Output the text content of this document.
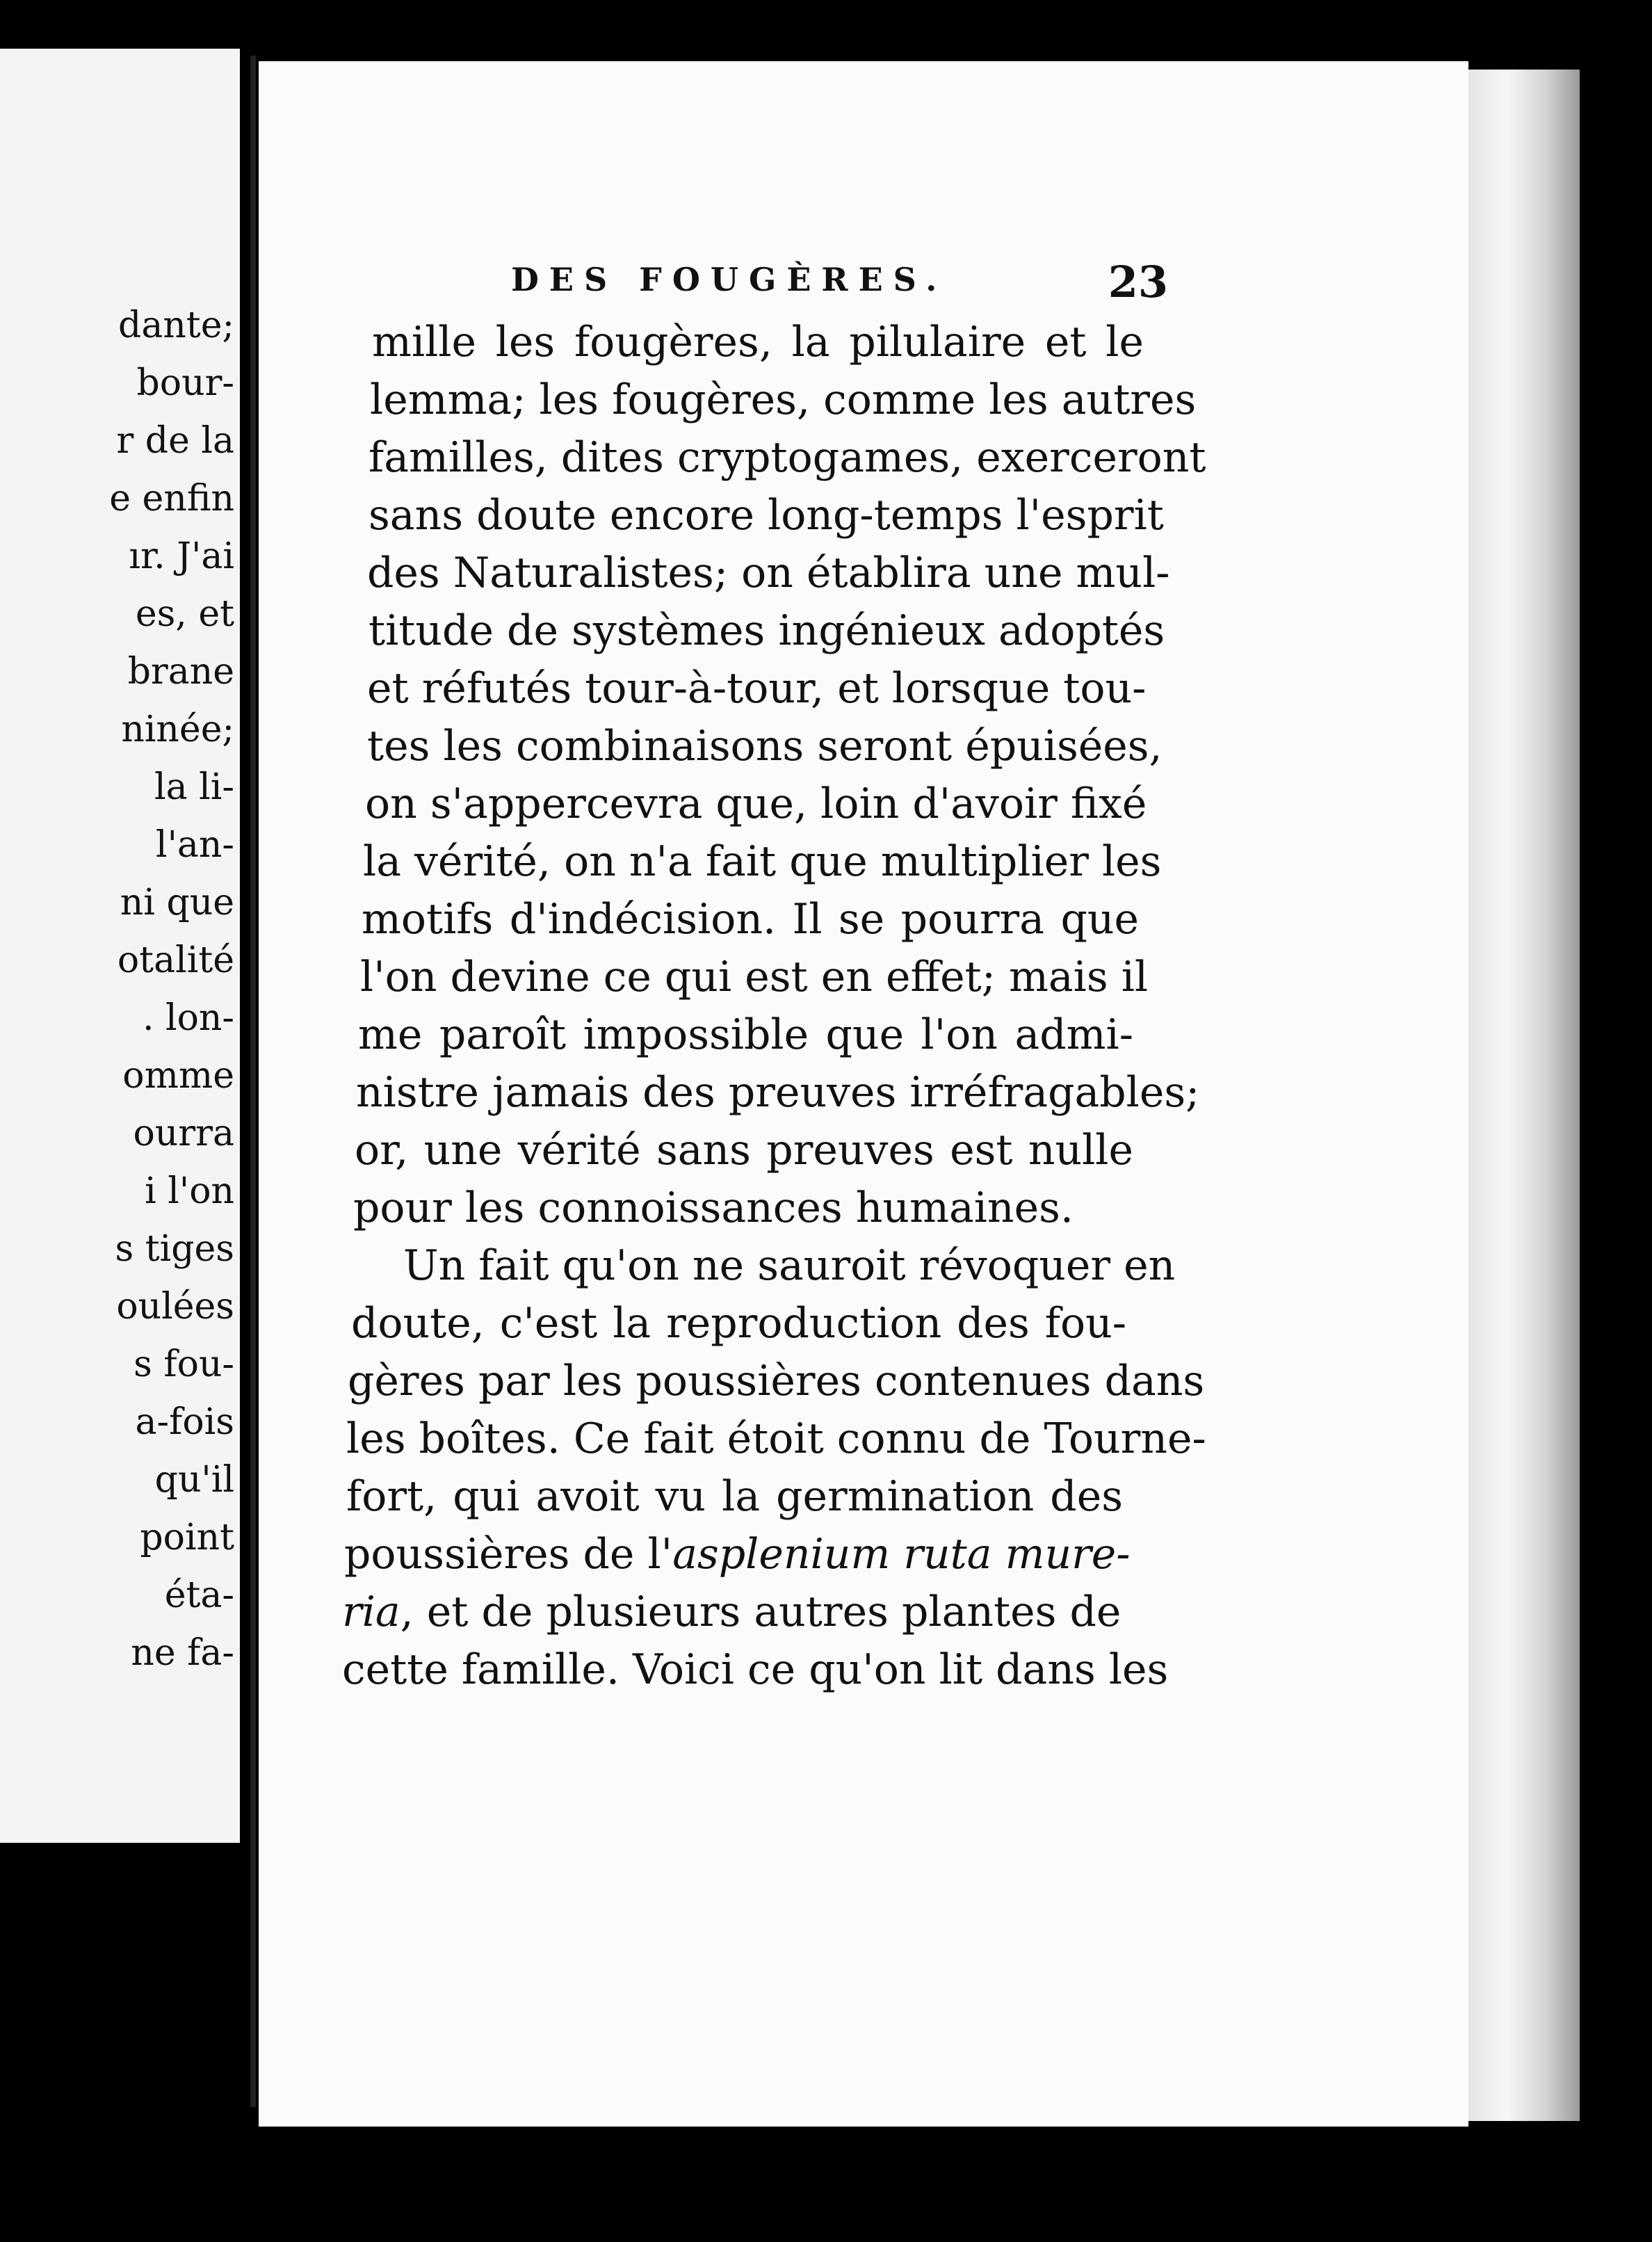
dante;
bour-
r de la
e enfin
ır. J'ai
es, et
brane
ninée;
la li-
l'an-
ni que
otalité
. lon-
omme
ourra
i l'on
s tiges
oulées
s fou-
a-fois
qu'il
point
éta-
ne fa-
DES FOUGÈRES.	23
mille les fougères, la pilulaire et le
lemma; les fougères, comme les autres
familles, dites cryptogames, exerceront
sans doute encore long-temps l'esprit
des Naturalistes; on établira une mul-
titude de systèmes ingénieux adoptés
et réfutés tour-à-tour, et lorsque tou-
tes les combinaisons seront épuisées,
on s'appercevra que, loin d'avoir fixé
la vérité, on n'a fait que multiplier les
motifs d'indécision. Il se pourra que
l'on devine ce qui est en effet; mais il
me paroît impossible que l'on admi-
nistre jamais des preuves irréfragables;
or, une vérité sans preuves est nulle
pour les connoissances humaines.
Un fait qu'on ne sauroit révoquer en
doute, c'est la reproduction des fou-
gères par les poussières contenues dans
les boîtes. Ce fait étoit connu de Tourne-
fort, qui avoit vu la germination des
poussières de l'asplenium ruta mure-
ria, et de plusieurs autres plantes de
cette famille. Voici ce qu'on lit dans les
